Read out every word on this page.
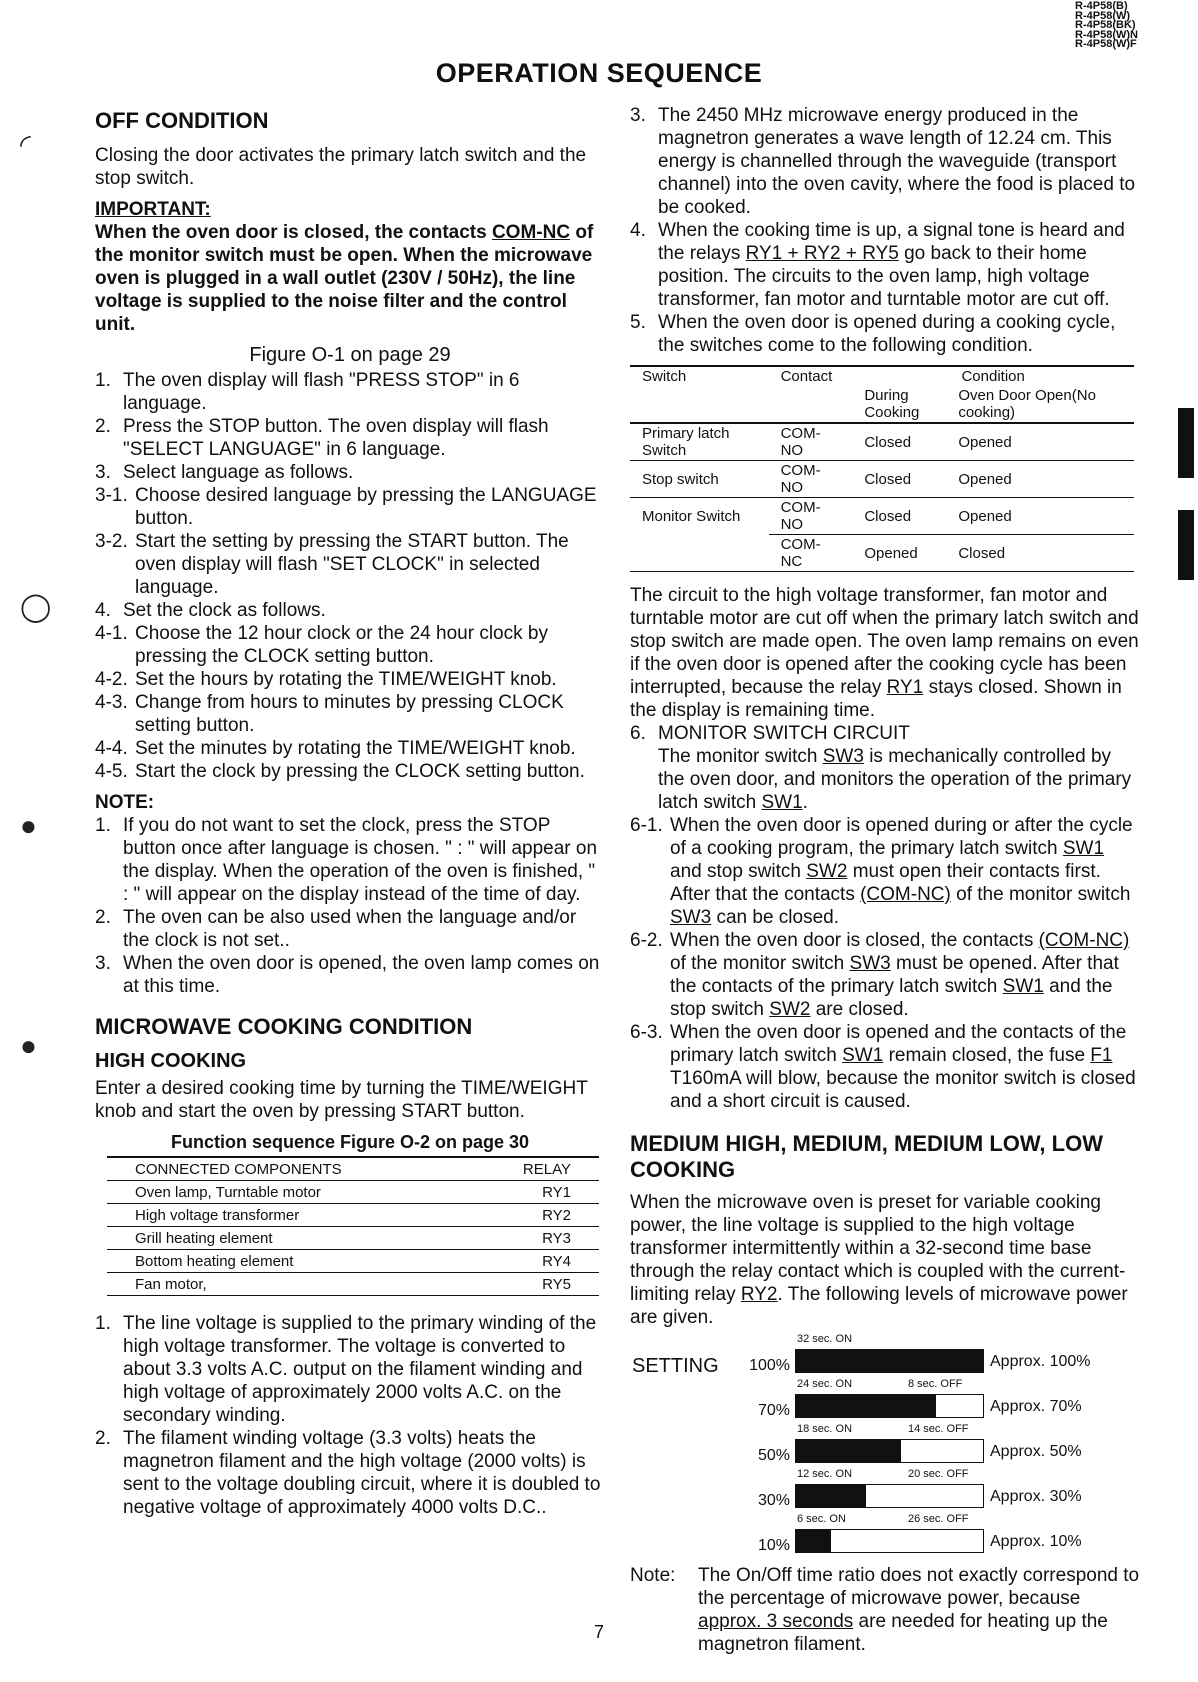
R-4P58(B)
R-4P58(W)
R-4P58(BK)
R-4P58(W)N
R-4P58(W)F
OPERATION SEQUENCE
◜
◯
●
●
OFF CONDITION

Closing the door activates the primary latch switch and the stop switch.

IMPORTANT:

When the oven door is closed, the contacts COM-NC of the monitor switch must be open. When the microwave oven is plugged in a wall outlet (230V / 50Hz), the line voltage is supplied to the noise filter and the control unit.

Figure O-1 on page 29

1. The oven display will flash "PRESS STOP" in 6 language.
2. Press the STOP button. The oven display will flash "SELECT LANGUAGE" in 6 language.
3. Select language as follows.
3-1. Choose desired language by pressing the LANGUAGE button.
3-2. Start the setting by pressing the START button. The oven display will flash "SET CLOCK" in selected language.
4. Set the clock as follows.
4-1. Choose the 12 hour clock or the 24 hour clock by pressing the CLOCK setting button.
4-2. Set the hours by rotating the TIME/WEIGHT knob.
4-3. Change from hours to minutes by pressing CLOCK setting button.
4-4. Set the minutes by rotating the TIME/WEIGHT knob.
4-5. Start the clock by pressing the CLOCK setting button.

NOTE:

1. If you do not want to set the clock, press the STOP button once after language is chosen. " : " will appear on the display. When the operation of the oven is finished, " : " will appear on the display instead of the time of day.
2. The oven can be also used when the language and/or the clock is not set..
3. When the oven door is opened, the oven lamp comes on at this time.
MICROWAVE COOKING CONDITION
HIGH COOKING

Enter a desired cooking time by turning the TIME/WEIGHT knob and start the oven by pressing START button.

Function sequence Figure O-2 on page 30

CONNECTED COMPONENTS	RELAY
Oven lamp, Turntable motor	RY1
High voltage transformer	RY2
Grill heating element	RY3
Bottom heating element	RY4
Fan motor,	RY5
1. The line voltage is supplied to the primary winding of the high voltage transformer. The voltage is converted to about 3.3 volts A.C. output on the filament winding and high voltage of approximately 2000 volts A.C. on the secondary winding.
2. The filament winding voltage (3.3 volts) heats the magnetron filament and the high voltage (2000 volts) is sent to the voltage doubling circuit, where it is doubled to negative voltage of approximately 4000 volts D.C..
3. The 2450 MHz microwave energy produced in the magnetron generates a wave length of 12.24 cm. This energy is channelled through the waveguide (transport channel) into the oven cavity, where the food is placed to be cooked.
4. When the cooking time is up, a signal tone is heard and the relays RY1 + RY2 + RY5 go back to their home position. The circuits to the oven lamp, high voltage transformer, fan motor and turntable motor are cut off.
5. When the oven door is opened during a cooking cycle, the switches come to the following condition.
Switch	Contact	Condition	
		During Cooking	Oven Door Open(No cooking)
Primary latch Switch	COM-NO	Closed	Opened
Stop switch	COM-NO	Closed	Opened
Monitor Switch	COM-NO	Closed	Opened
	COM-NC	Opened	Closed

The circuit to the high voltage transformer, fan motor and turntable motor are cut off when the primary latch switch and stop switch are made open. The oven lamp remains on even if the oven door is opened after the cooking cycle has been interrupted, because the relay RY1 stays closed. Shown in the display is remaining time.

6. MONITOR SWITCH CIRCUIT

The monitor switch SW3 is mechanically controlled by the oven door, and monitors the operation of the primary latch switch SW1.

6-1. When the oven door is opened during or after the cycle of a cooking program, the primary latch switch SW1 and stop switch SW2 must open their contacts first. After that the contacts (COM-NC) of the monitor switch SW3 can be closed.
6-2. When the oven door is closed, the contacts (COM-NC) of the monitor switch SW3 must be opened. After that the contacts of the primary latch switch SW1 and the stop switch SW2 are closed.
6-3. When the oven door is opened and the contacts of the primary latch switch SW1 remain closed, the fuse F1 T160mA will blow, because the monitor switch is closed and a short circuit is caused.
MEDIUM HIGH, MEDIUM, MEDIUM LOW, LOW COOKING

When the microwave oven is preset for variable cooking power, the line voltage is supplied to the high voltage transformer intermittently within a 32-second time base through the relay contact which is coupled with the current-limiting relay RY2. The following levels of microwave power are given.

SETTING
32 sec. ON
100%	Approx. 100%
24 sec. ON	8 sec. OFF
70%	Approx. 70%
18 sec. ON	14 sec. OFF
50%	Approx. 50%
12 sec. ON	20 sec. OFF
30%	Approx. 30%
6 sec. ON	26 sec. OFF
10%	Approx. 10%
Note:	The On/Off time ratio does not exactly correspond to the percentage of microwave power, because approx. 3 seconds are needed for heating up the magnetron filament.

7
